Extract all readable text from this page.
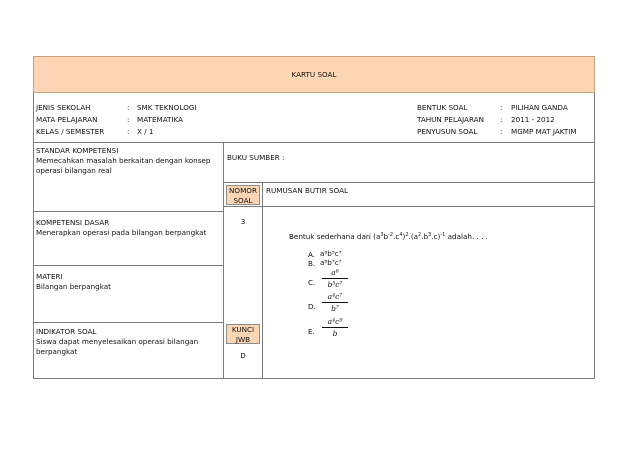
KARTU SOAL
JENIS SEKOLAH	: SMK TEKNOLOGI
MATA PELAJARAN	: MATEMATIKA
KELAS / SEMESTER	: X / 1
BENTUK SOAL	: PILIHAN GANDA
TAHUN PELAJARAN : 2011 - 2012
PENYUSUN SOAL	: MGMP MAT JAKTIM
STANDAR KOMPETENSI
Memecahkan masalah berkaitan dengan konsep operasi bilangan real
KOMPETENSI DASAR
Menerapkan operasi pada bilangan berpangkat
MATERI
Bilangan berpangkat
INDIKATOR SOAL
Siswa dapat menyelesaikan operasi bilangan berpangkat
BUKU SUMBER :
NOMOR SOAL
RUMUSAN BUTIR SOAL
3
KUNCI JWB
D
Bentuk sederhana dari $(a^3b^{-2}.c^4)^2.(a^2.b^3.c)^{-1}$ adalah. . . .
A. a⁸b⁵c⁷
B. a⁸b⁷c⁷
C.
a⁸
b⁵c⁷
D.
a⁴c⁷
b⁷
E.
a⁴c⁹
b
